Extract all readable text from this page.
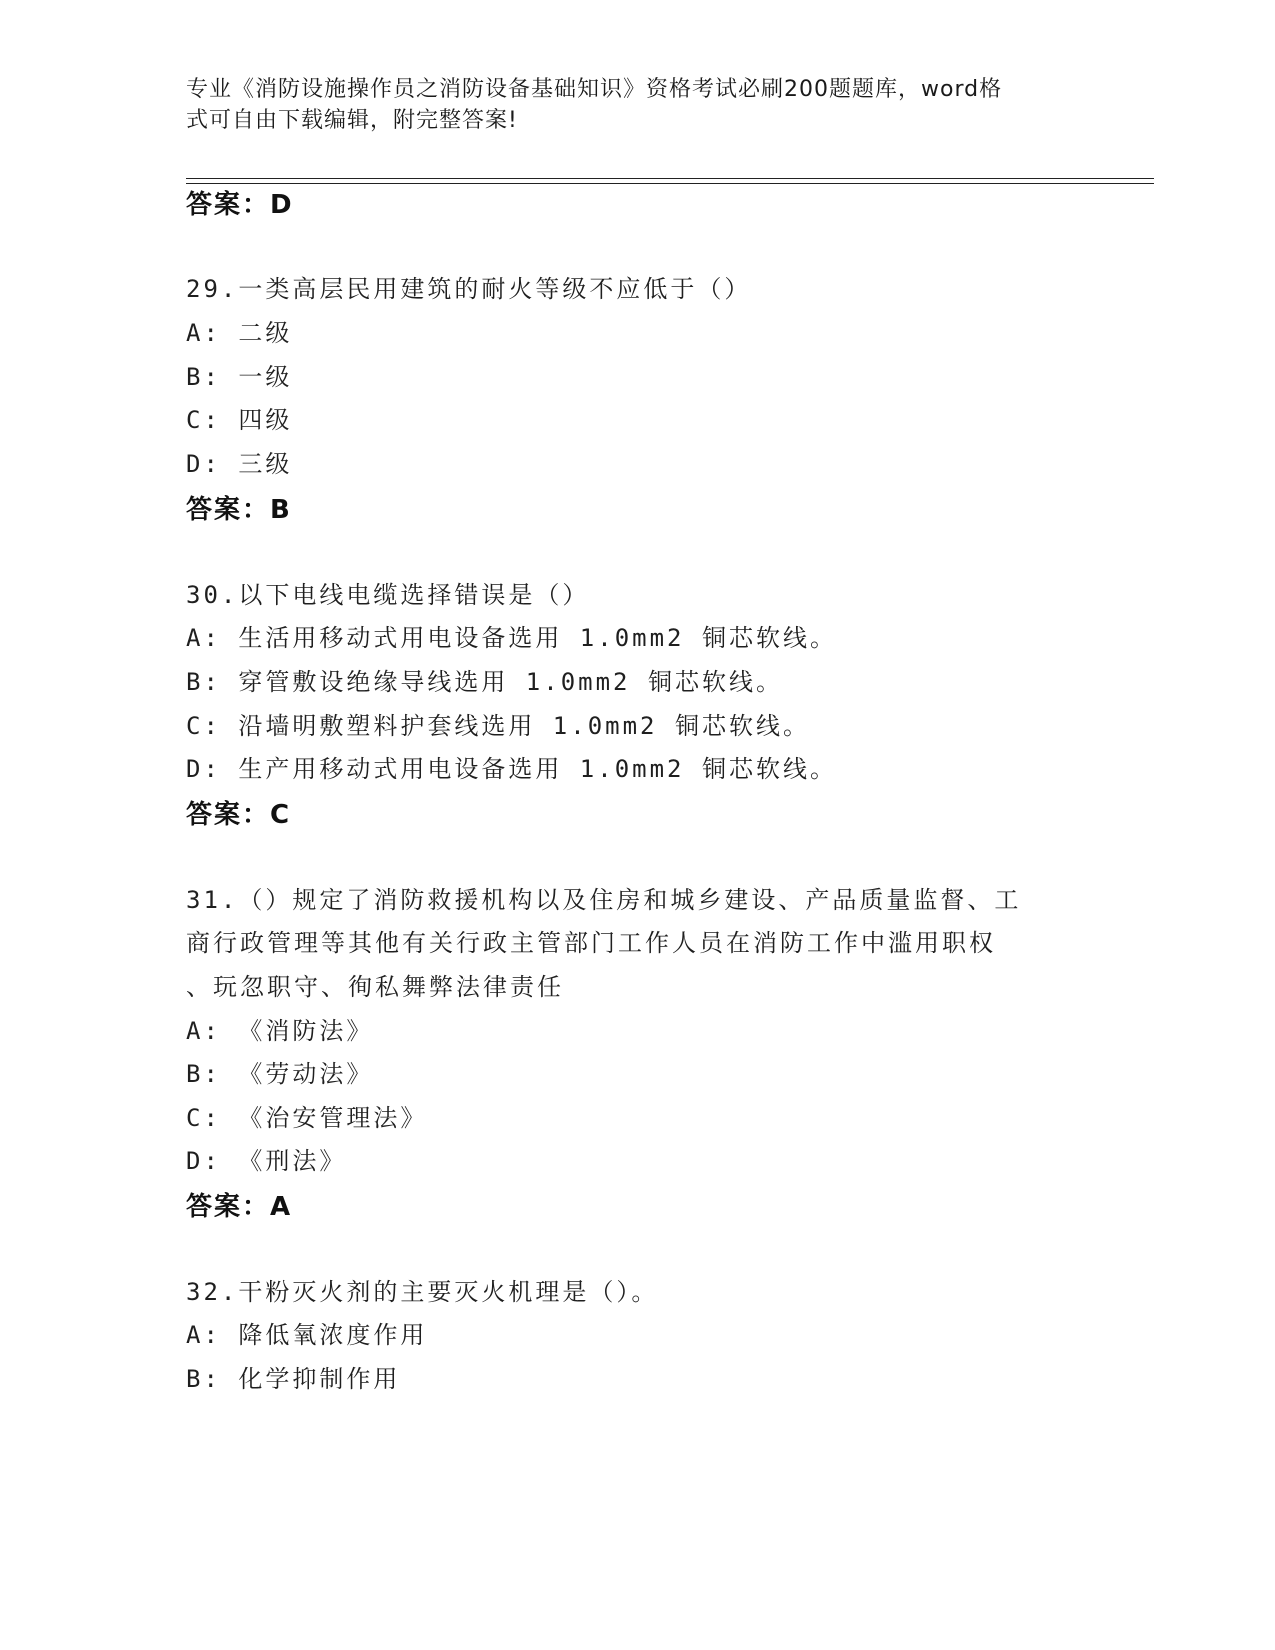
专业《消防设施操作员之消防设备基础知识》资格考试必刷200题题库，word格
式可自由下载编辑，附完整答案!
答案：D
29.一类高层民用建筑的耐火等级不应低于（）
A: 二级
B: 一级
C: 四级
D: 三级
答案：B
30.以下电线电缆选择错误是（）
A: 生活用移动式用电设备选用 1.0mm2 铜芯软线。
B: 穿管敷设绝缘导线选用 1.0mm2 铜芯软线。
C: 沿墙明敷塑料护套线选用 1.0mm2 铜芯软线。
D: 生产用移动式用电设备选用 1.0mm2 铜芯软线。
答案：C
31.（）规定了消防救援机构以及住房和城乡建设、产品质量监督、工
商行政管理等其他有关行政主管部门工作人员在消防工作中滥用职权
、玩忽职守、徇私舞弊法律责任
A: 《消防法》
B: 《劳动法》
C: 《治安管理法》
D: 《刑法》
答案：A
32.干粉灭火剂的主要灭火机理是（）。
A: 降低氧浓度作用
B: 化学抑制作用
